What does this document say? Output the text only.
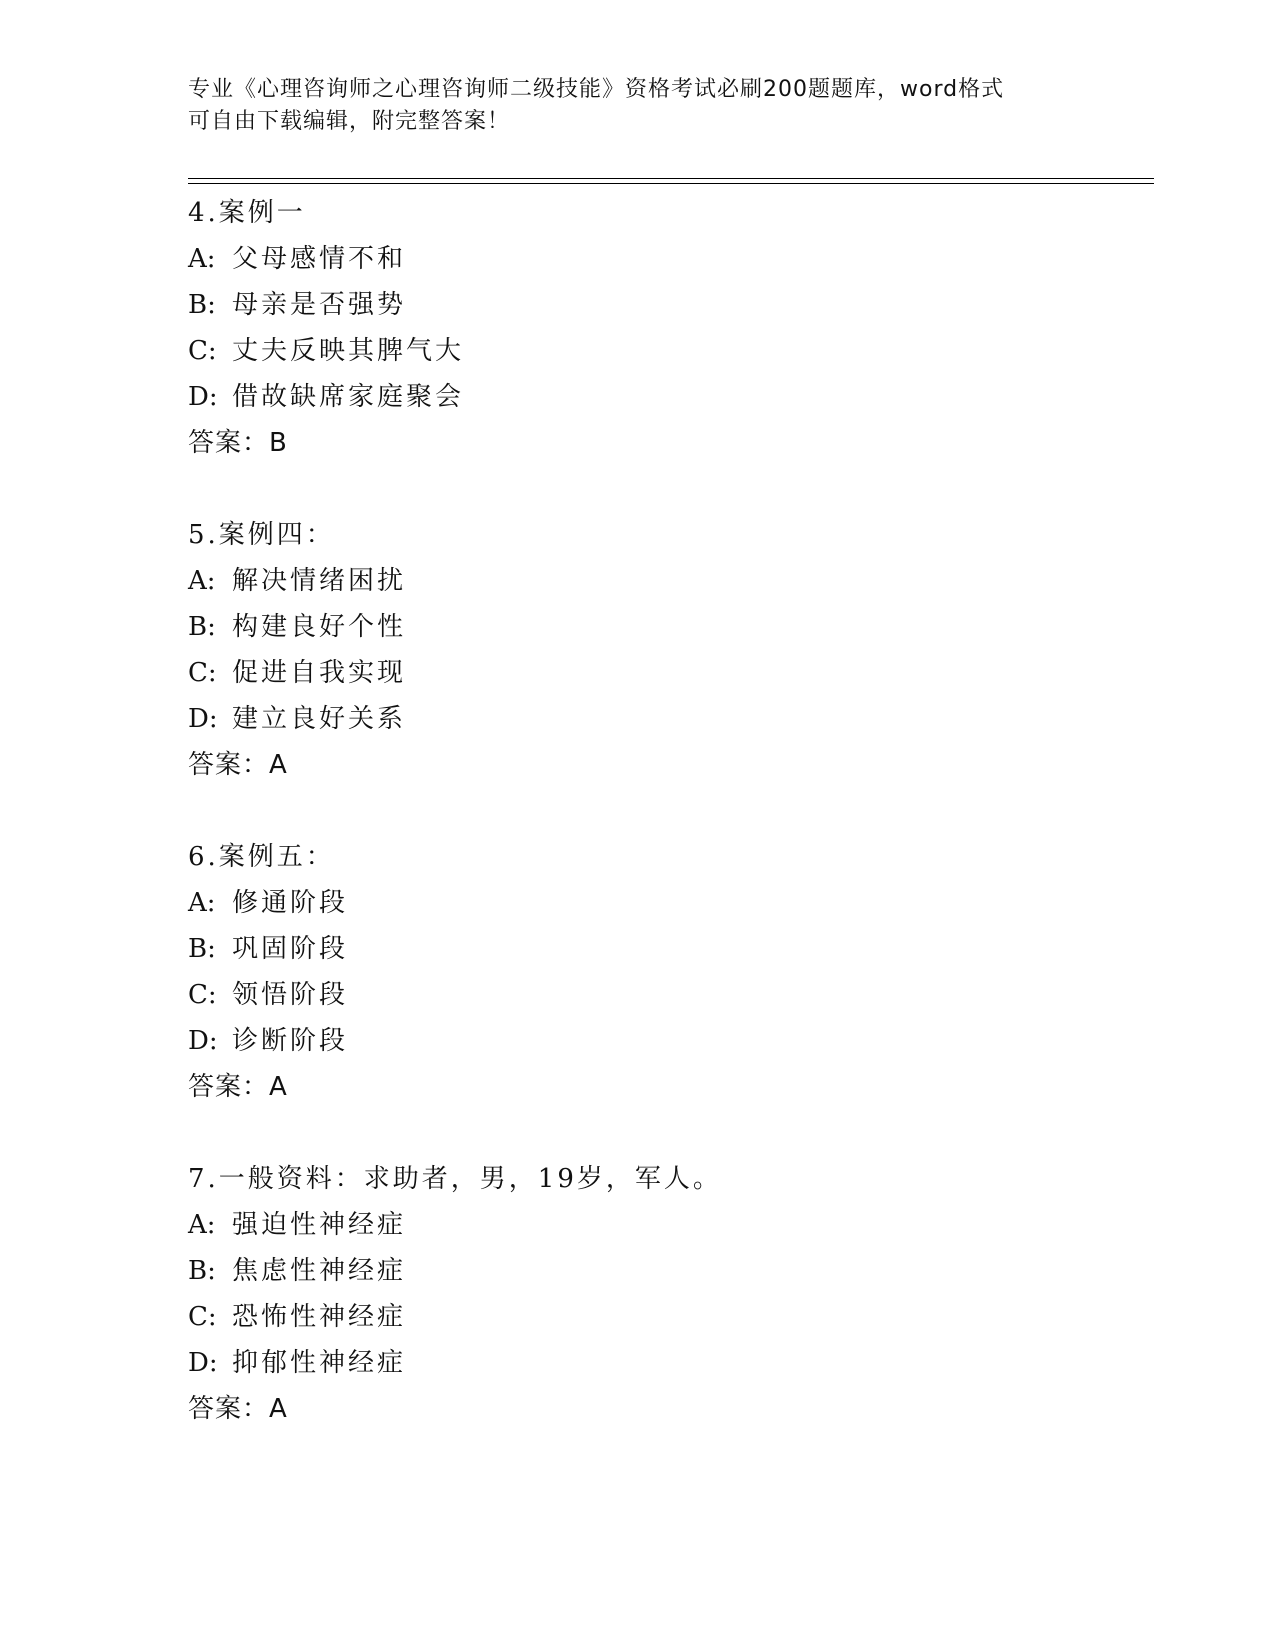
专业《心理咨询师之心理咨询师二级技能》资格考试必刷200题题库，word格式
可自由下载编辑，附完整答案！
4.案例一
A: 父母感情不和
B: 母亲是否强势
C: 丈夫反映其脾气大
D: 借故缺席家庭聚会
答案：B
5.案例四：
A: 解决情绪困扰
B: 构建良好个性
C: 促进自我实现
D: 建立良好关系
答案：A
6.案例五：
A: 修通阶段
B: 巩固阶段
C: 领悟阶段
D: 诊断阶段
答案：A
7.一般资料：求助者，男，19岁，军人。
A: 强迫性神经症
B: 焦虑性神经症
C: 恐怖性神经症
D: 抑郁性神经症
答案：A
